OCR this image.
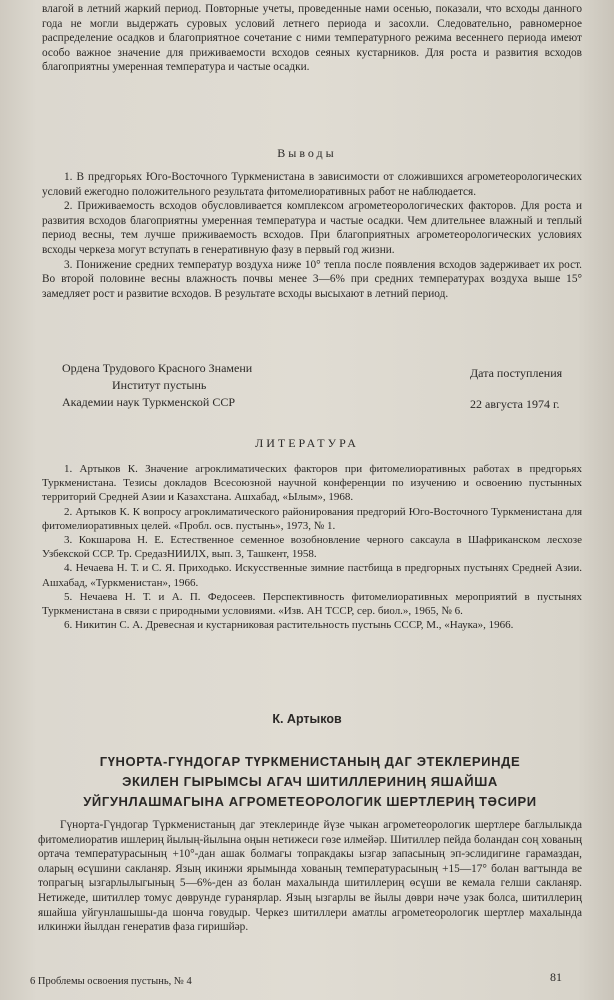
влагой в летний жаркий период. Повторные учеты, проведенные нами осенью, показали, что всходы данного года не могли выдержать суровых условий летнего периода и засохли. Следовательно, равномерное распределение осадков и благоприятное сочетание с ними температурного режима весеннего периода имеют особо важное значение для приживаемости всходов сеяных кустарников. Для роста и развития всходов благоприятны умеренная температура и частые осадки.

Выводы

1. В предгорьях Юго-Восточного Туркменистана в зависимости от сложившихся агрометеорологических условий ежегодно положительного результата фитомелиоративных работ не наблюдается.

2. Приживаемость всходов обусловливается комплексом агрометеорологических факторов. Для роста и развития всходов благоприятны умеренная температура и частые осадки. Чем длительнее влажный и теплый период весны, тем лучше приживаемость всходов. При благоприятных агрометеорологических условиях всходы черкеза могут вступать в генеративную фазу в первый год жизни.

3. Понижение средних температур воздуха ниже 10° тепла после появления всходов задерживает их рост. Во второй половине весны влажность почвы менее 3—6% при средних температурах воздуха выше 15° замедляет рост и развитие всходов. В результате всходы высыхают в летний период.

Ордена Трудового Красного Знамени
Институт пустынь
Академии наук Туркменской ССР
Дата поступления
22 августа 1974 г.
ЛИТЕРАТУРА

1. Артыков К. Значение агроклиматических факторов при фитомелиоративных работах в предгорьях Туркменистана. Тезисы докладов Всесоюзной научной конференции по изучению и освоению пустынных территорий Средней Азии и Казахстана. Ашхабад, «Ылым», 1968.

2. Артыков К. К вопросу агроклиматического районирования предгорий Юго-Восточного Туркменистана для фитомелиоративных целей. «Пробл. осв. пустынь», 1973, № 1.

3. Кокшарова Н. Е. Естественное семенное возобновление черного саксаула в Шафриканском лесхозе Узбекской ССР. Тр. СредазНИИЛХ, вып. 3, Ташкент, 1958.

4. Нечаева Н. Т. и С. Я. Приходько. Искусственные зимние пастбища в предгорных пустынях Средней Азии. Ашхабад, «Туркменистан», 1966.

5. Нечаева Н. Т. и А. П. Федосеев. Перспективность фитомелиоративных мероприятий в пустынях Туркменистана в связи с природными условиями. «Изв. АН ТССР, сер. биол.», 1965, № 6.

6. Никитин С. А. Древесная и кустарниковая растительность пустынь СССР, М., «Наука», 1966.

К. Артыков
ГҮНОРТА-ГҮНДОГАР ТҮРКМЕНИСТАНЫҢ ДАГ ЭТЕКЛЕРИНДЕ
ЭКИЛЕН ГЫРЫМСЫ АГАЧ ШИТИЛЛЕРИНИҢ ЯШАЙША
УЙГУНЛАШМАГЫНА АГРОМЕТЕОРОЛОГИК ШЕРТЛЕРИҢ ТӘСИРИ

Гүнорта-Гүндогар Түркменистаның даг этеклеринде йүзе чыкан агрометеорологик шертлере баглылыкда фитомелиоратив ишлериң йылың-йылына оңын нетижеси гөзе илмейәр. Шитиллер пейда боландан соң хованың ортача температурасының +10°-дан ашак болмагы топракдакы ызгар запасының эп-эслидигине гарамаздан, оларың өсүшини сакланяр. Язың икинжи ярымында хованың температурасының +15—17° болан вагтында ве топрагың ызгарлылыгының 5—6%-ден аз болан махалында шитиллериң өсүши ве кемала гелши сакланяр. Нетижеде, шитиллер томус дөврунде гуранярлар. Язың ызгарлы ве йылы дөври нәче узак болса, шитиллериң яшайша уйгунлашышы-да шонча говудыр. Черкез шитиллери аматлы агрометеорологик шертлер махалында илкинжи йылдан генератив фаза гиришйәр.

6 Проблемы освоения пустынь, № 4	81
